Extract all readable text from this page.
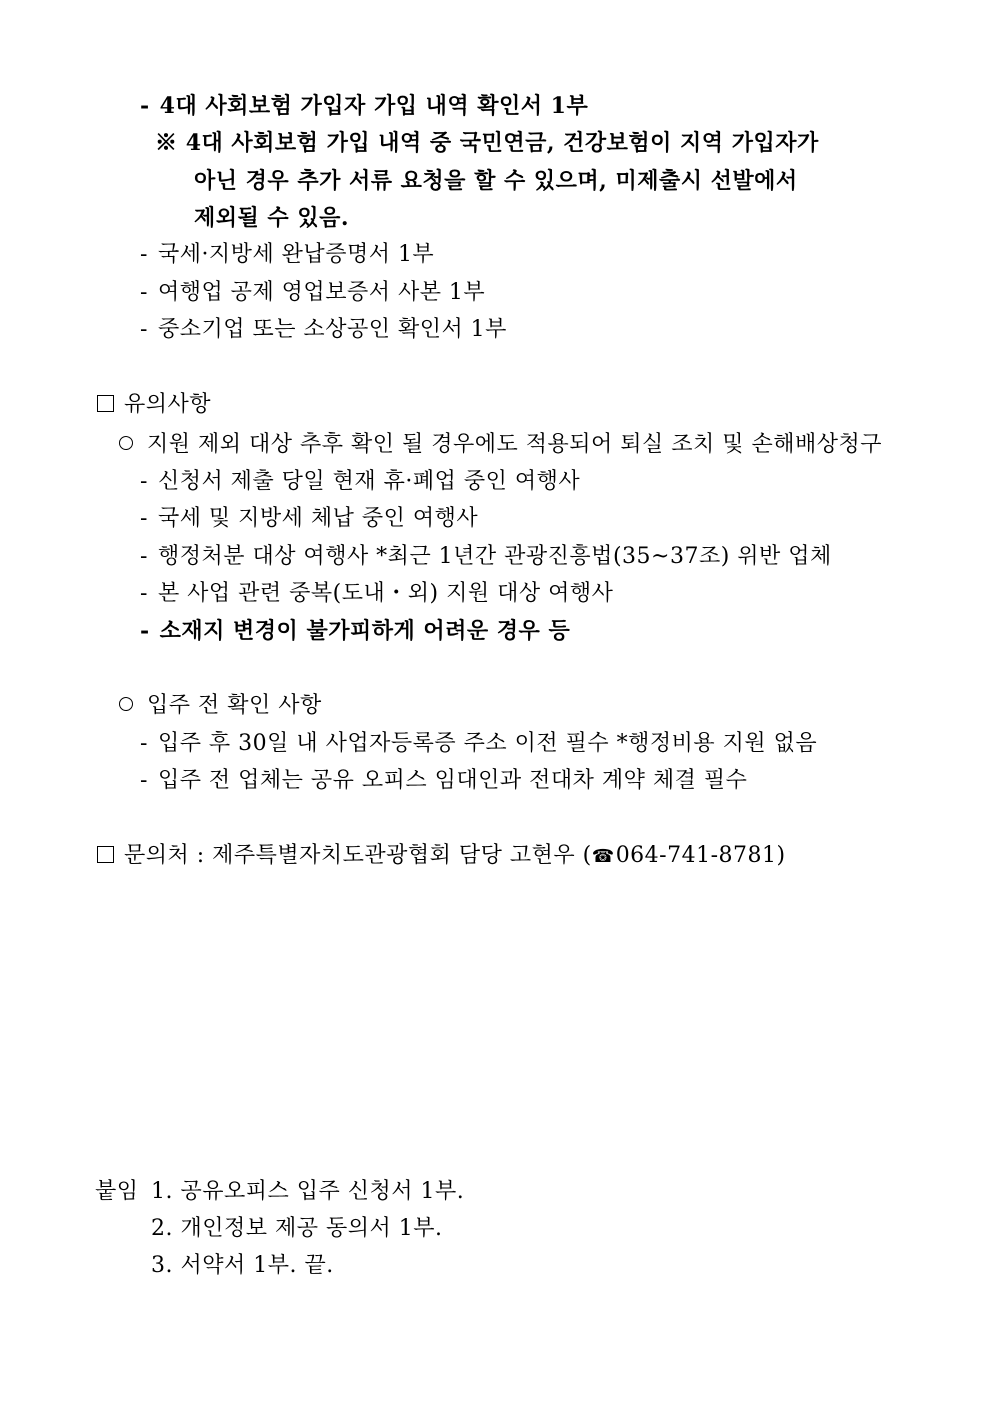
- 4대 사회보험 가입자 가입 내역 확인서 1부
※ 4대 사회보험 가입 내역 중 국민연금, 건강보험이 지역 가입자가
아닌 경우 추가 서류 요청을 할 수 있으며, 미제출시 선발에서
제외될 수 있음.
- 국세·지방세 완납증명서 1부
- 여행업 공제 영업보증서 사본 1부
- 중소기업 또는 소상공인 확인서 1부
유의사항
지원 제외 대상 추후 확인 될 경우에도 적용되어 퇴실 조치 및 손해배상청구
- 신청서 제출 당일 현재 휴·폐업 중인 여행사
- 국세 및 지방세 체납 중인 여행사
- 행정처분 대상 여행사 *최근 1년간 관광진흥법(35~37조) 위반 업체
- 본 사업 관련 중복(도내・외) 지원 대상 여행사
- 소재지 변경이 불가피하게 어려운 경우 등
입주 전 확인 사항
- 입주 후 30일 내 사업자등록증 주소 이전 필수 *행정비용 지원 없음
- 입주 전 업체는 공유 오피스 임대인과 전대차 계약 체결 필수
문의처 : 제주특별자치도관광협회 담당 고현우 (☎064-741-8781)
붙임 1. 공유오피스 입주 신청서 1부.
2. 개인정보 제공 동의서 1부.
3. 서약서 1부. 끝.
